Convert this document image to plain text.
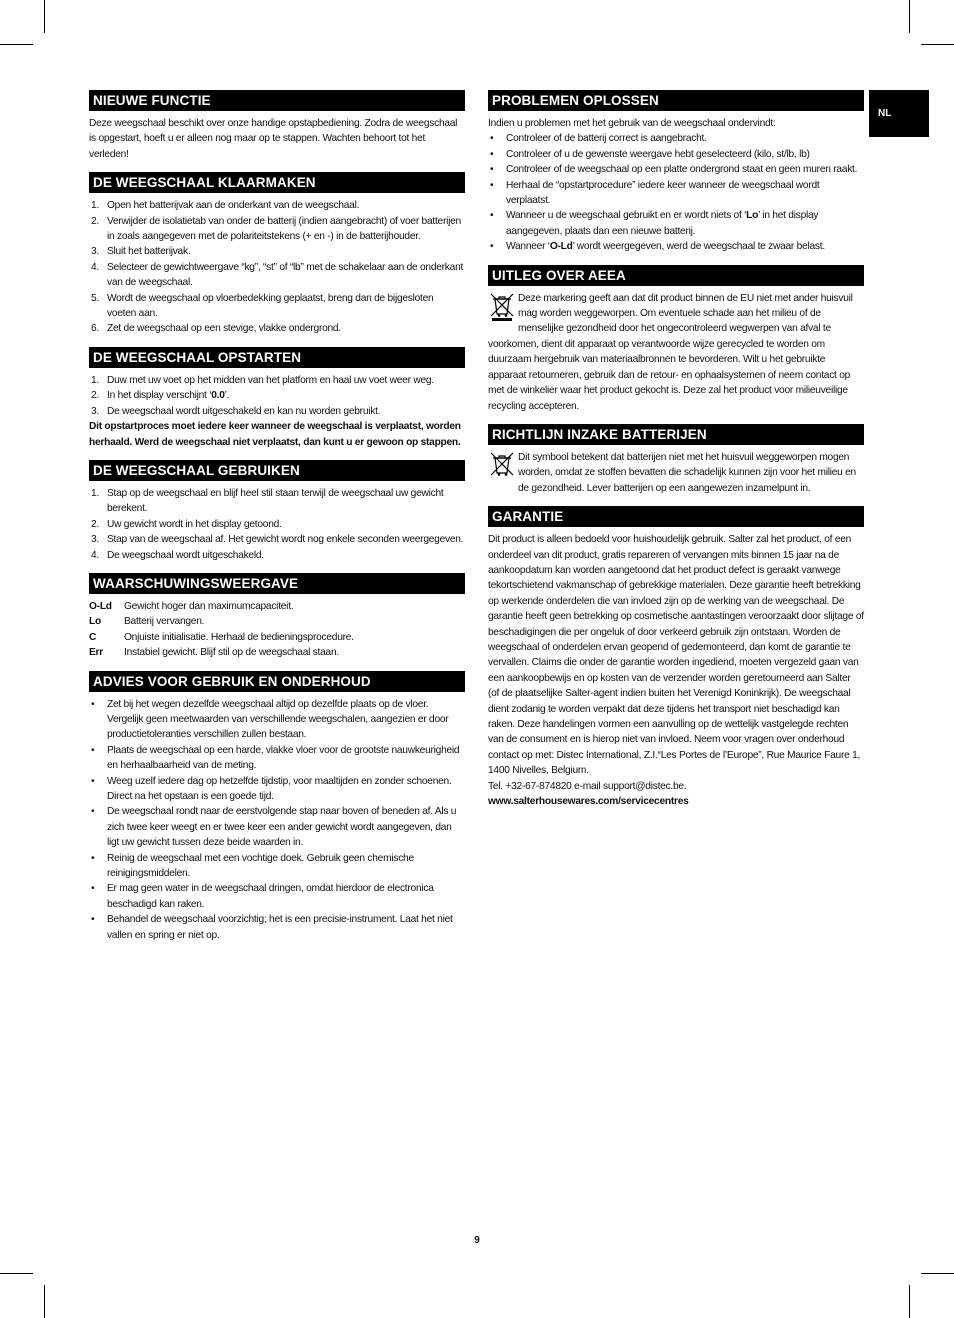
NL
NIEUWE FUNCTIE
Deze weegschaal beschikt over onze handige opstapbediening. Zodra de weegschaal is opgestart, hoeft u er alleen nog maar op te stappen. Wachten behoort tot het verleden!
DE WEEGSCHAAL KLAARMAKEN
1. Open het batterijvak aan de onderkant van de weegschaal.
2. Verwijder de isolatietab van onder de batterij (indien aangebracht) of voer batterijen in zoals aangegeven met de polariteitstekens (+ en -) in de batterijhouder.
3. Sluit het batterijvak.
4. Selecteer de gewichtweergave “kg”, “st” of “lb” met de schakelaar aan de onderkant van de weegschaal.
5. Wordt de weegschaal op vloerbedekking geplaatst, breng dan de bijgesloten voeten aan.
6. Zet de weegschaal op een stevige, vlakke ondergrond.
DE WEEGSCHAAL OPSTARTEN
1. Duw met uw voet op het midden van het platform en haal uw voet weer weg.
2. In het display verschijnt ‘0.0’.
3. De weegschaal wordt uitgeschakeld en kan nu worden gebruikt.
Dit opstartproces moet iedere keer wanneer de weegschaal is verplaatst, worden herhaald. Werd de weegschaal niet verplaatst, dan kunt u er gewoon op stappen.
DE WEEGSCHAAL GEBRUIKEN
1. Stap op de weegschaal en blijf heel stil staan terwijl de weegschaal uw gewicht berekent.
2. Uw gewicht wordt in het display getoond.
3. Stap van de weegschaal af. Het gewicht wordt nog enkele seconden weergegeven.
4. De weegschaal wordt uitgeschakeld.
WAARSCHUWINGSWEERGAVE
O-Ld	Gewicht hoger dan maximumcapaciteit.
Lo	Batterij vervangen.
C	Onjuiste initialisatie. Herhaal de bedieningsprocedure.
Err	Instabiel gewicht. Blijf stil op de weegschaal staan.
ADVIES VOOR GEBRUIK EN ONDERHOUD
• Zet bij het wegen dezelfde weegschaal altijd op dezelfde plaats op de vloer. Vergelijk geen meetwaarden van verschillende weegschalen, aangezien er door productietoleranties verschillen zullen bestaan.
• Plaats de weegschaal op een harde, vlakke vloer voor de grootste nauwkeurigheid en herhaalbaarheid van de meting.
• Weeg uzelf iedere dag op hetzelfde tijdstip, voor maaltijden en zonder schoenen. Direct na het opstaan is een goede tijd.
• De weegschaal rondt naar de eerstvolgende stap naar boven of beneden af. Als u zich twee keer weegt en er twee keer een ander gewicht wordt aangegeven, dan ligt uw gewicht tussen deze beide waarden in.
• Reinig de weegschaal met een vochtige doek. Gebruik geen chemische reinigingsmiddelen.
• Er mag geen water in de weegschaal dringen, omdat hierdoor de electronica beschadigd kan raken.
• Behandel de weegschaal voorzichtig; het is een precisie-instrument. Laat het niet vallen en spring er niet op.
PROBLEMEN OPLOSSEN
Indien u problemen met het gebruik van de weegschaal ondervindt:
• Controleer of de batterij correct is aangebracht.
• Controleer of u de gewenste weergave hebt geselecteerd (kilo, st/lb, lb)
• Controleer of de weegschaal op een platte ondergrond staat en geen muren raakt.
• Herhaal de “opstartprocedure” iedere keer wanneer de weegschaal wordt verplaatst.
• Wanneer u de weegschaal gebruikt en er wordt niets of ‘Lo’ in het display aangegeven, plaats dan een nieuwe batterij.
• Wanneer ‘O-Ld’ wordt weergegeven, werd de weegschaal te zwaar belast.
UITLEG OVER AEEA
Deze markering geeft aan dat dit product binnen de EU niet met ander huisvuil mag worden weggeworpen. Om eventuele schade aan het milieu of de menselijke gezondheid door het ongecontroleerd wegwerpen van afval te voorkomen, dient dit apparaat op verantwoorde wijze gerecycled te worden om duurzaam hergebruik van materiaalbronnen te bevorderen. Wilt u het gebruikte apparaat retourneren, gebruik dan de retour- en ophaalsystemen of neem contact op met de winkelier waar het product gekocht is. Deze zal het product voor milieuveilige recycling accepteren.
RICHTLIJN INZAKE BATTERIJEN
Dit symbool betekent dat batterijen niet met het huisvuil weggeworpen mogen worden, omdat ze stoffen bevatten die schadelijk kunnen zijn voor het milieu en de gezondheid. Lever batterijen op een aangewezen inzamelpunt in.
GARANTIE
Dit product is alleen bedoeld voor huishoudelijk gebruik. Salter zal het product, of een onderdeel van dit product, gratis repareren of vervangen mits binnen 15 jaar na de aankoopdatum kan worden aangetoond dat het product defect is geraakt vanwege tekortschietend vakmanschap of gebrekkige materialen. Deze garantie heeft betrekking op werkende onderdelen die van invloed zijn op de werking van de weegschaal. De garantie heeft geen betrekking op cosmetische aantastingen veroorzaakt door slijtage of beschadigingen die per ongeluk of door verkeerd gebruik zijn ontstaan. Worden de weegschaal of onderdelen ervan geopend of gedemonteerd, dan komt de garantie te vervallen. Claims die onder de garantie worden ingediend, moeten vergezeld gaan van een aankoopbewijs en op kosten van de verzender worden geretourneerd aan Salter (of de plaatselijke Salter-agent indien buiten het Verenigd Koninkrijk). De weegschaal dient zodanig te worden verpakt dat deze tijdens het transport niet beschadigd kan raken. Deze handelingen vormen een aanvulling op de wettelijk vastgelegde rechten van de consument en is hierop niet van invloed. Neem voor vragen over onderhoud contact op met: Distec International, Z.I.“Les Portes de l’Europe”, Rue Maurice Faure 1, 1400 Nivelles, Belgium.
Tel. +32-67-874820 e-mail support@distec.be.
www.salterhousewares.com/servicecentres
9
